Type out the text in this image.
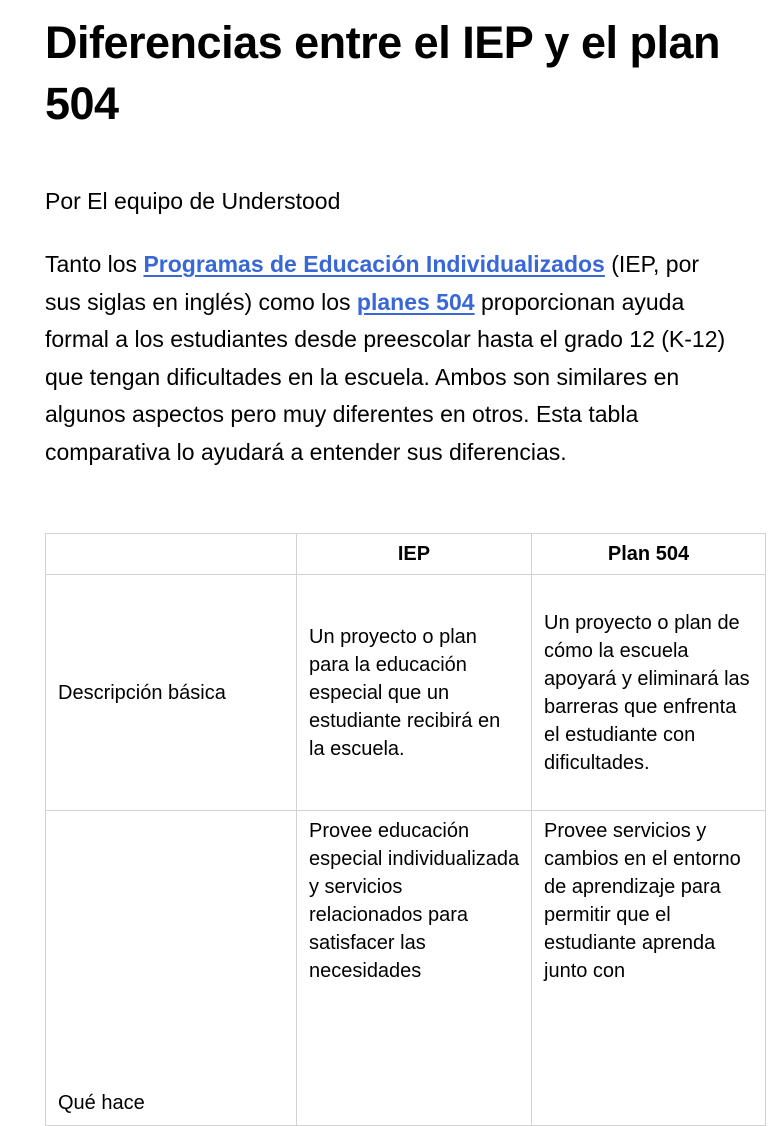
Diferencias entre el IEP y el plan 504

Por El equipo de Understood

Tanto los Programas de Educación Individualizados (IEP, por sus siglas en inglés) como los planes 504 proporcionan ayuda formal a los estudiantes desde preescolar hasta el grado 12 (K-12) que tengan dificultades en la escuela. Ambos son similares en algunos aspectos pero muy diferentes en otros. Esta tabla comparativa lo ayudará a entender sus diferencias.

	IEP	Plan 504
Descripción básica	Un proyecto o plan para la educación especial que un estudiante recibirá en la escuela.	Un proyecto o plan de cómo la escuela apoyará y eliminará las barreras que enfrenta el estudiante con dificultades.
Qué hace	Provee educación especial individualizada y servicios relacionados para satisfacer las necesidades	Provee servicios y cambios en el entorno de aprendizaje para permitir que el estudiante aprenda junto con
